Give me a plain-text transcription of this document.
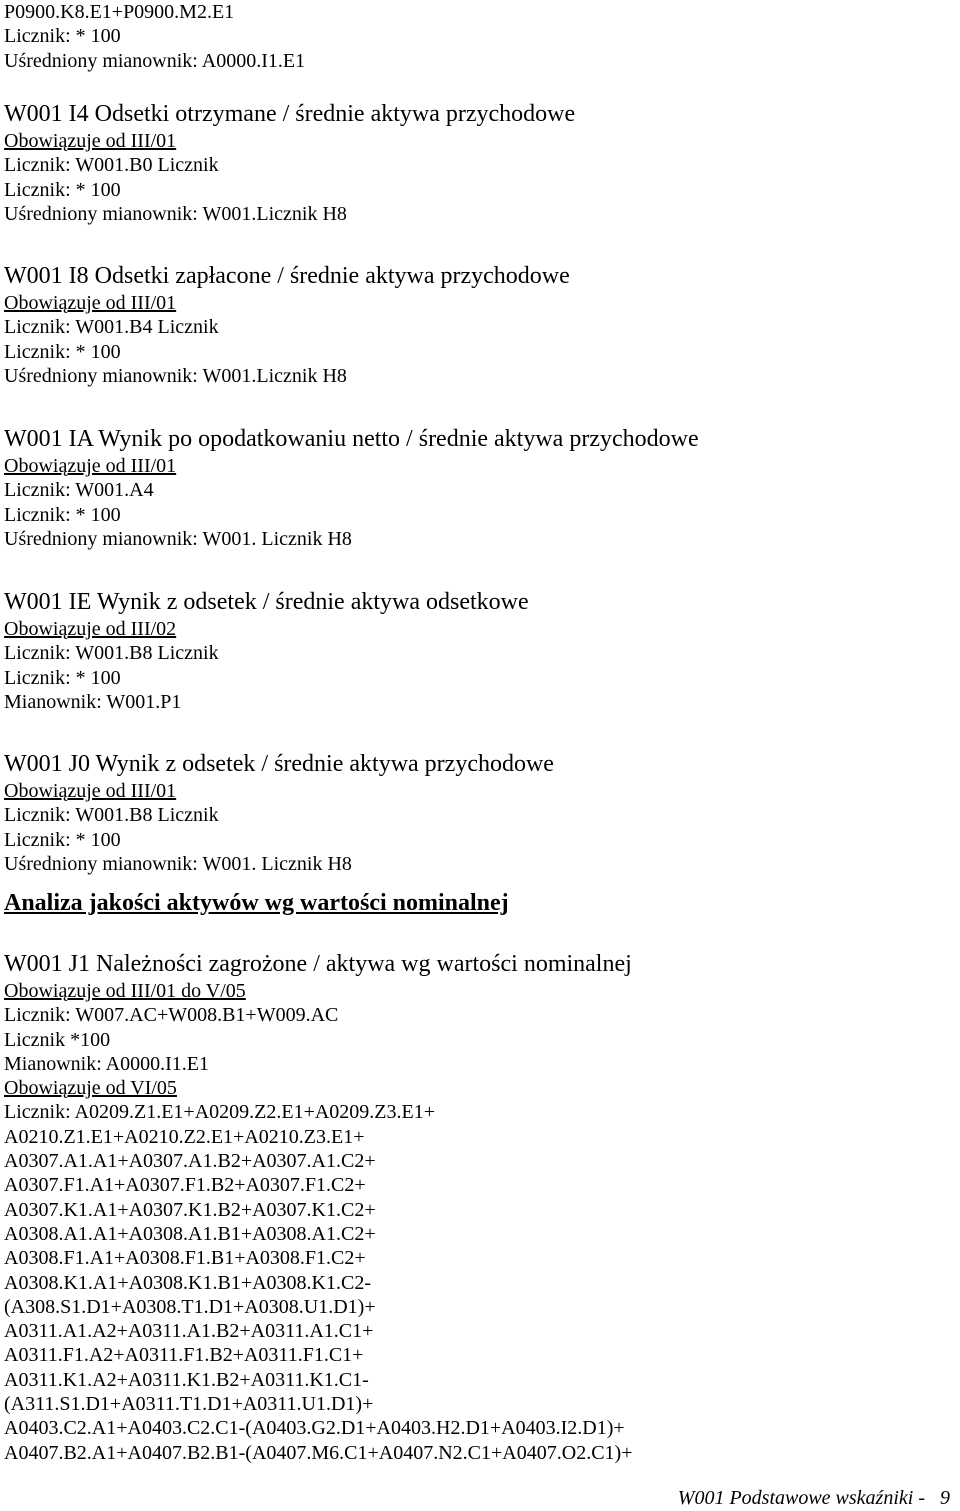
P0900.K8.E1+P0900.M2.E1
Licznik: * 100
Uśredniony mianownik: A0000.I1.E1
W001 I4 Odsetki otrzymane / średnie aktywa przychodowe
Obowiązuje od III/01
Licznik: W001.B0 Licznik
Licznik: * 100
Uśredniony mianownik: W001.Licznik H8
W001 I8 Odsetki zapłacone / średnie aktywa przychodowe
Obowiązuje od III/01
Licznik: W001.B4 Licznik
Licznik: * 100
Uśredniony mianownik: W001.Licznik H8
W001 IA Wynik po opodatkowaniu netto / średnie aktywa przychodowe
Obowiązuje od III/01
Licznik: W001.A4
Licznik: * 100
Uśredniony mianownik: W001. Licznik H8
W001 IE Wynik z odsetek / średnie aktywa odsetkowe
Obowiązuje od III/02
Licznik: W001.B8 Licznik
Licznik: * 100
Mianownik: W001.P1
W001 J0 Wynik z odsetek / średnie aktywa przychodowe
Obowiązuje od III/01
Licznik: W001.B8 Licznik
Licznik: * 100
Uśredniony mianownik: W001. Licznik H8
Analiza jakości aktywów wg wartości nominalnej
W001 J1 Należności zagrożone / aktywa wg wartości nominalnej
Obowiązuje od III/01 do V/05
Licznik: W007.AC+W008.B1+W009.AC
Licznik *100
Mianownik: A0000.I1.E1
Obowiązuje od VI/05
Licznik: A0209.Z1.E1+A0209.Z2.E1+A0209.Z3.E1+
A0210.Z1.E1+A0210.Z2.E1+A0210.Z3.E1+
A0307.A1.A1+A0307.A1.B2+A0307.A1.C2+
A0307.F1.A1+A0307.F1.B2+A0307.F1.C2+
A0307.K1.A1+A0307.K1.B2+A0307.K1.C2+
A0308.A1.A1+A0308.A1.B1+A0308.A1.C2+
A0308.F1.A1+A0308.F1.B1+A0308.F1.C2+
A0308.K1.A1+A0308.K1.B1+A0308.K1.C2-
(A308.S1.D1+A0308.T1.D1+A0308.U1.D1)+
A0311.A1.A2+A0311.A1.B2+A0311.A1.C1+
A0311.F1.A2+A0311.F1.B2+A0311.F1.C1+
A0311.K1.A2+A0311.K1.B2+A0311.K1.C1-
(A311.S1.D1+A0311.T1.D1+A0311.U1.D1)+
A0403.C2.A1+A0403.C2.C1-(A0403.G2.D1+A0403.H2.D1+A0403.I2.D1)+
A0407.B2.A1+A0407.B2.B1-(A0407.M6.C1+A0407.N2.C1+A0407.O2.C1)+
W001 Podstawowe wskaźniki - 9
